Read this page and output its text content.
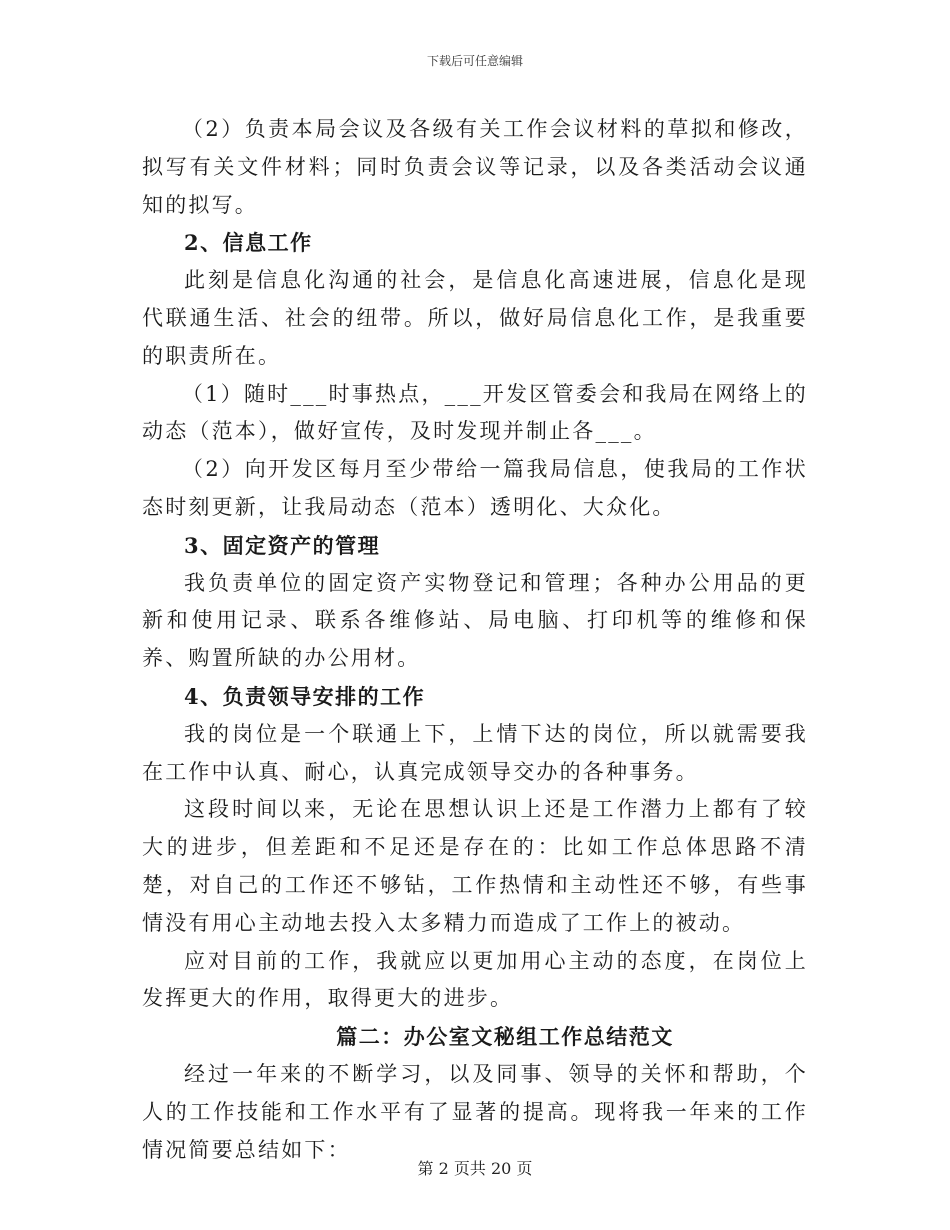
下载后可任意编辑

（2）负责本局会议及各级有关工作会议材料的草拟和修改，拟写有关文件材料；同时负责会议等记录，以及各类活动会议通知的拟写。

2、信息工作

此刻是信息化沟通的社会，是信息化高速进展，信息化是现代联通生活、社会的纽带。所以，做好局信息化工作，是我重要的职责所在。

（1）随时___时事热点，___开发区管委会和我局在网络上的动态（范本），做好宣传，及时发现并制止各___。

（2）向开发区每月至少带给一篇我局信息，使我局的工作状态时刻更新，让我局动态（范本）透明化、大众化。

3、固定资产的管理

我负责单位的固定资产实物登记和管理；各种办公用品的更新和使用记录、联系各维修站、局电脑、打印机等的维修和保养、购置所缺的办公用材。

4、负责领导安排的工作

我的岗位是一个联通上下，上情下达的岗位，所以就需要我在工作中认真、耐心，认真完成领导交办的各种事务。

这段时间以来，无论在思想认识上还是工作潜力上都有了较大的进步，但差距和不足还是存在的：比如工作总体思路不清楚，对自己的工作还不够钻，工作热情和主动性还不够，有些事情没有用心主动地去投入太多精力而造成了工作上的被动。

应对目前的工作，我就应以更加用心主动的态度，在岗位上发挥更大的作用，取得更大的进步。

篇二：办公室文秘组工作总结范文

经过一年来的不断学习，以及同事、领导的关怀和帮助，个人的工作技能和工作水平有了显著的提高。现将我一年来的工作情况简要总结如下：

第 2 页共 20 页
